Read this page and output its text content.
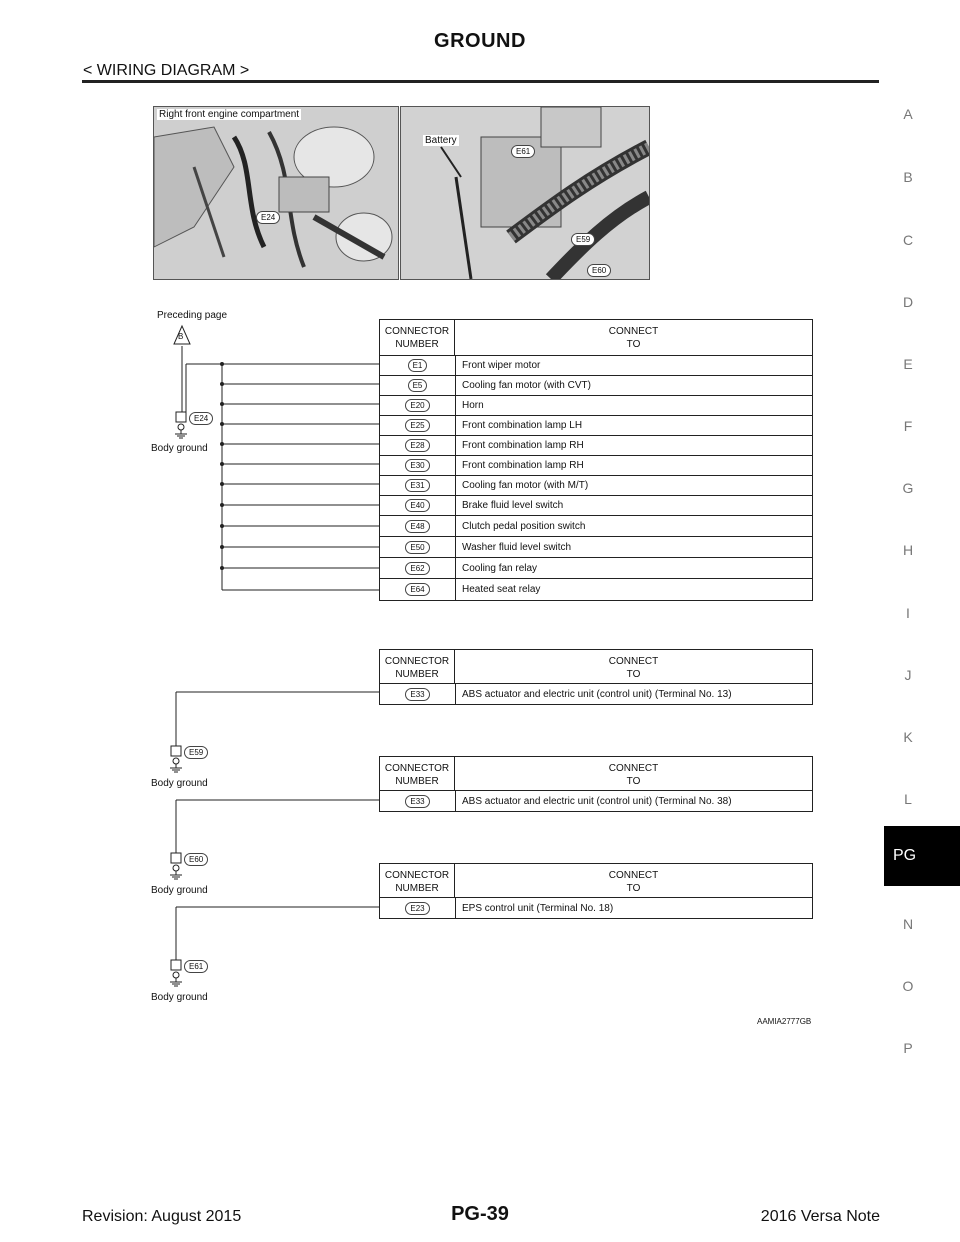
GROUND
< WIRING DIAGRAM >
Right front engine compartment
E24
Battery
E61
E59
E60
A
B
C
D
E
F
G
H
I
J
K
L
PG
N
O
P
Preceding page
B
E24
Body ground
E59
Body ground
E60
Body ground
E61
Body ground
CONNECTOR
NUMBER
CONNECT
TO
E1	Front wiper motor
E5	Cooling fan motor (with CVT)
E20	Horn
E25	Front combination lamp LH
E28	Front combination lamp RH
E30	Front combination lamp RH
E31	Cooling fan motor (with M/T)
E40	Brake fluid level switch
E48	Clutch pedal position switch
E50	Washer fluid level switch
E62	Cooling fan relay
E64	Heated seat relay
CONNECTOR
NUMBER
CONNECT
TO
E33	ABS actuator and electric unit (control unit) (Terminal No. 13)
CONNECTOR
NUMBER
CONNECT
TO
E33	ABS actuator and electric unit (control unit) (Terminal No. 38)
CONNECTOR
NUMBER
CONNECT
TO
E23	EPS control unit (Terminal No. 18)
AAMIA2777GB
Revision: August 2015	PG-39	2016 Versa Note
